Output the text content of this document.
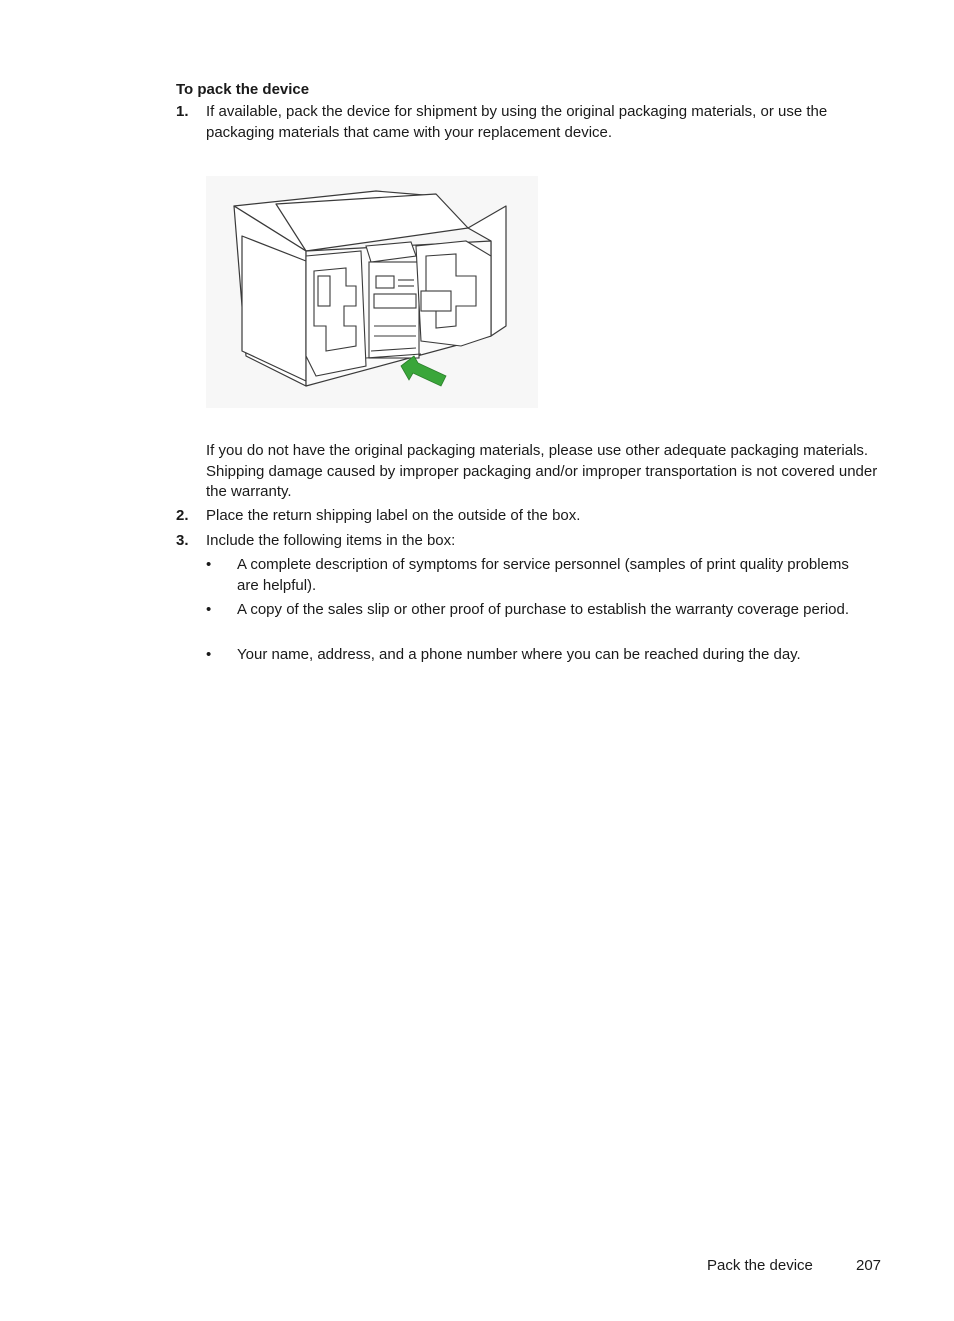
To pack the device
1. If available, pack the device for shipment by using the original packaging materials, or use the packaging materials that came with your replacement device.
If you do not have the original packaging materials, please use other adequate packaging materials. Shipping damage caused by improper packaging and/or improper transportation is not covered under the warranty.
2. Place the return shipping label on the outside of the box.
3. Include the following items in the box:
• A complete description of symptoms for service personnel (samples of print quality problems are helpful).
• A copy of the sales slip or other proof of purchase to establish the warranty coverage period.
• Your name, address, and a phone number where you can be reached during the day.
Pack the device	207
